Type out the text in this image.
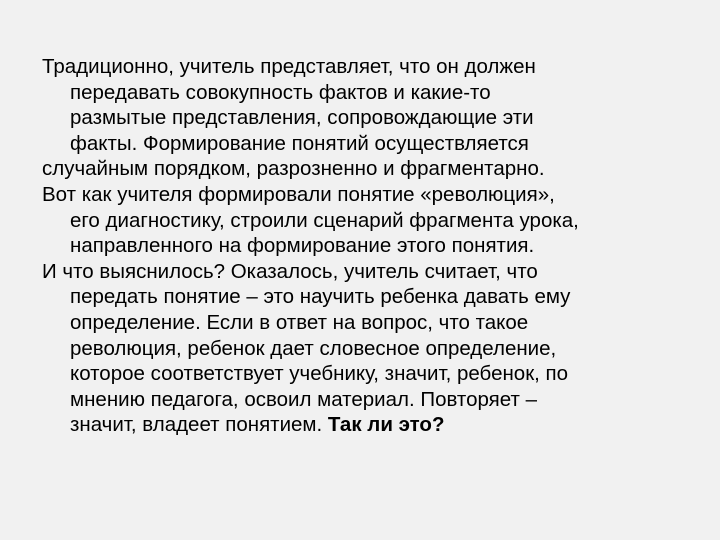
Традиционно, учитель представляет, что он должен
передавать совокупность фактов и какие-то
размытые представления, сопровождающие эти
факты. Формирование понятий осуществляется

случайным порядком, разрозненно и фрагментарно.

Вот как учителя формировали понятие «революция»,
его диагностику, строили сценарий фрагмента урока,
направленного на формирование этого понятия.

И что выяснилось? Оказалось, учитель считает, что
передать понятие – это научить ребенка давать ему
определение. Если в ответ на вопрос, что такое
революция, ребенок дает словесное определение,
которое соответствует учебнику, значит, ребенок, по
мнению педагога, освоил материал. Повторяет –
значит, владеет понятием. Так ли это?
